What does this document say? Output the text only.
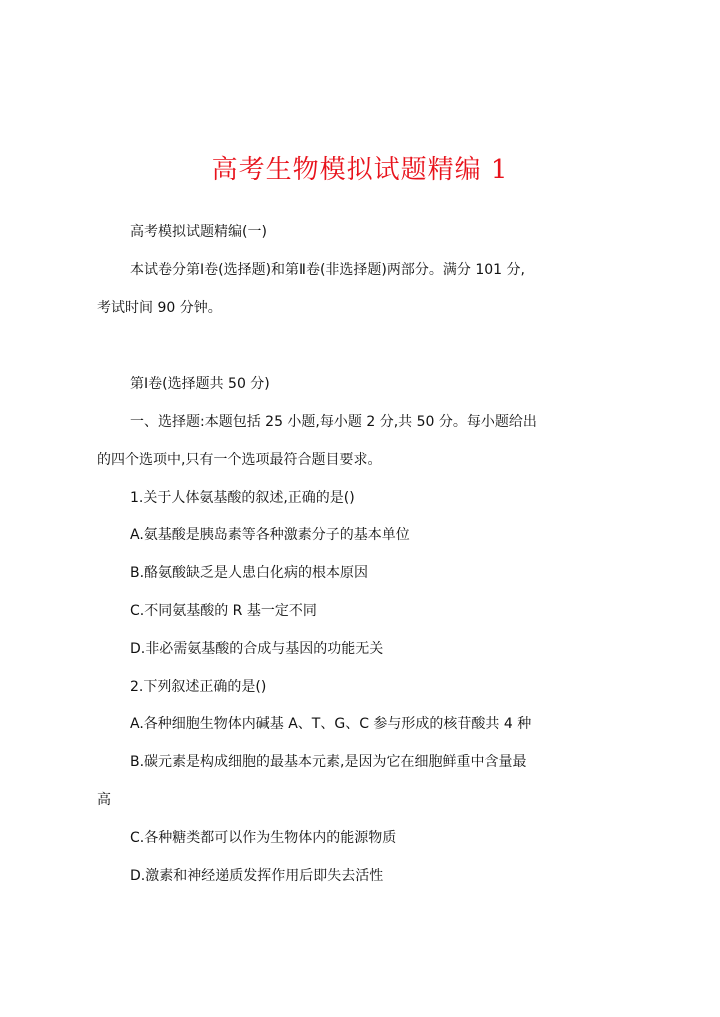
高考生物模拟试题精编 1
高考模拟试题精编(一)
本试卷分第Ⅰ卷(选择题)和第Ⅱ卷(非选择题)两部分。满分 101 分,
考试时间 90 分钟。
第Ⅰ卷(选择题共 50 分)
一、选择题:本题包括 25 小题,每小题 2 分,共 50 分。每小题给出
的四个选项中,只有一个选项最符合题目要求。
1.关于人体氨基酸的叙述,正确的是()
A.氨基酸是胰岛素等各种激素分子的基本单位
B.酪氨酸缺乏是人患白化病的根本原因
C.不同氨基酸的 R 基一定不同
D.非必需氨基酸的合成与基因的功能无关
2.下列叙述正确的是()
A.各种细胞生物体内碱基 A、T、G、C 参与形成的核苷酸共 4 种
B.碳元素是构成细胞的最基本元素,是因为它在细胞鲜重中含量最
高
C.各种糖类都可以作为生物体内的能源物质
D.激素和神经递质发挥作用后即失去活性
